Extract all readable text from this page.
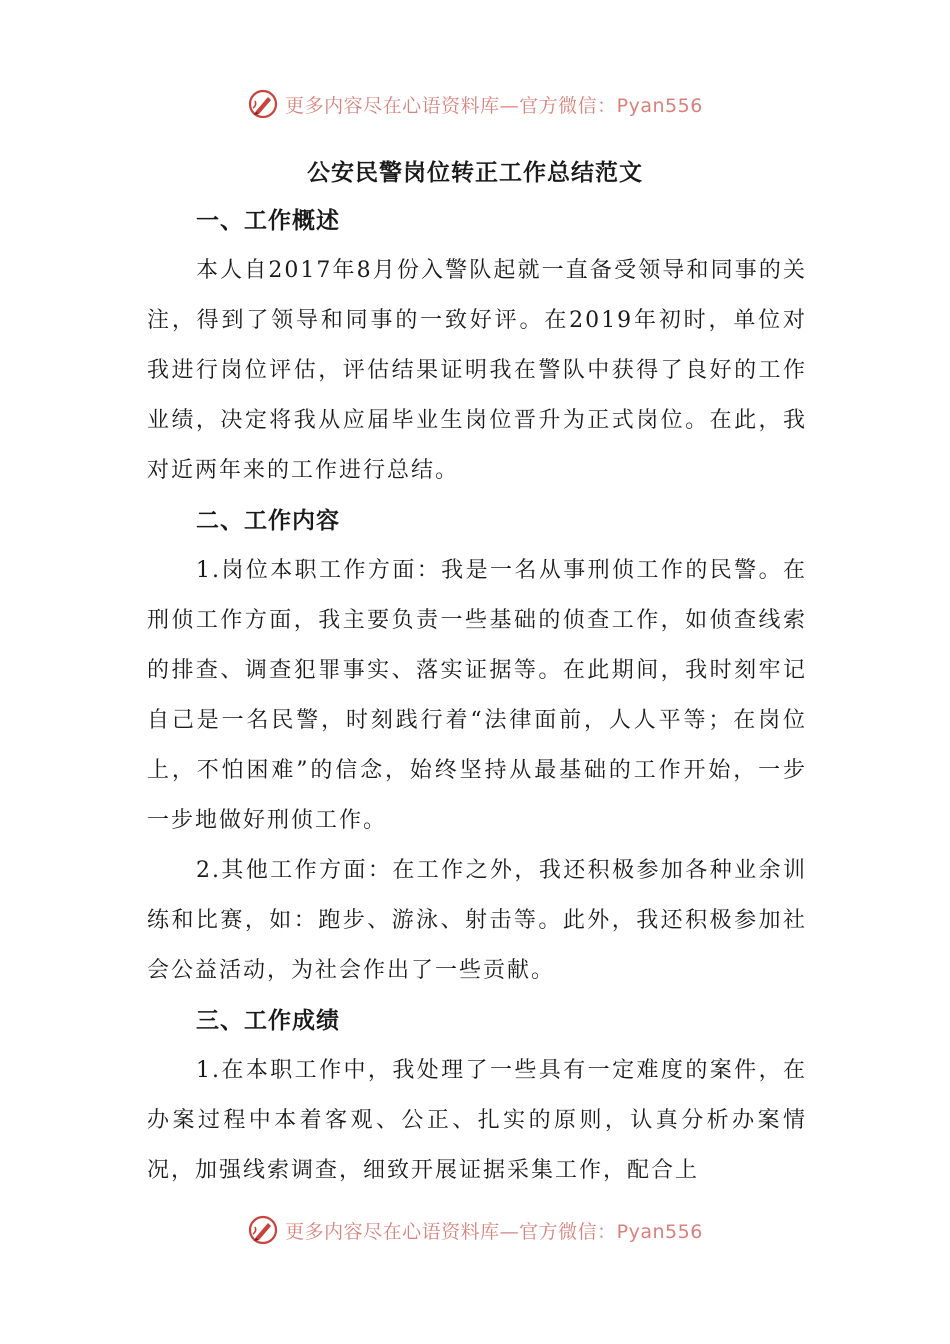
更多内容尽在心语资料库—官方微信：Pyan556
公安民警岗位转正工作总结范文
一、工作概述

本人自2017年8月份入警队起就一直备受领导和同事的关注，得到了领导和同事的一致好评。在2019年初时，单位对我进行岗位评估，评估结果证明我在警队中获得了良好的工作业绩，决定将我从应届毕业生岗位晋升为正式岗位。在此，我对近两年来的工作进行总结。

二、工作内容

1.岗位本职工作方面：我是一名从事刑侦工作的民警。在刑侦工作方面，我主要负责一些基础的侦查工作，如侦查线索的排查、调查犯罪事实、落实证据等。在此期间，我时刻牢记自己是一名民警，时刻践行着“法律面前，人人平等；在岗位上，不怕困难”的信念，始终坚持从最基础的工作开始，一步一步地做好刑侦工作。

2.其他工作方面：在工作之外，我还积极参加各种业余训练和比赛，如：跑步、游泳、射击等。此外，我还积极参加社会公益活动，为社会作出了一些贡献。

三、工作成绩

1.在本职工作中，我处理了一些具有一定难度的案件，在办案过程中本着客观、公正、扎实的原则，认真分析办案情况，加强线索调查，细致开展证据采集工作，配合上

更多内容尽在心语资料库—官方微信：Pyan556
